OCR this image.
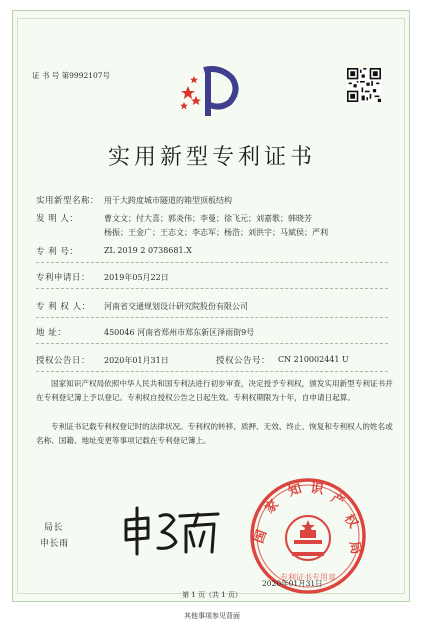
证 书 号 第9992107号
实用新型专利证书
实用新型名称： 用于大跨度城市隧道的箱型顶板结构
发 明 人：	曹文文；付大喜；郭炎伟；李曼；徐飞元；刘嘉歌；韩晓芳
杨振；王金广；王志文；李志军；杨浩；刘洪宇；马斌侯；严利
专 利 号：	ZL 2019 2 0738681.X
专利申请日： 2019年05月22日
专 利 权 人： 河南省交通规划设计研究院股份有限公司
地 址：	450046 河南省郑州市郑东新区泽雨街9号
授权公告日： 2020年01月31日	授权公告号： CN 210002441 U
国家知识产权局依照中华人民共和国专利法进行初步审查，决定授予专利权，颁发实用新型专利证书并在专利登记簿上予以登记。专利权自授权公告之日起生效。专利权期限为十年，自申请日起算。
专利证书记载专利权登记时的法律状况。专利权的转移、质押、无效、终止、恢复和专利权人的姓名或名称、国籍、地址变更等事项记载在专利登记簿上。
局长
申长雨	国
家
知 识
产
权
局
专利证书专用章
2020年01月31日
第 1 页（共 1 页）
其他事项参见背面
